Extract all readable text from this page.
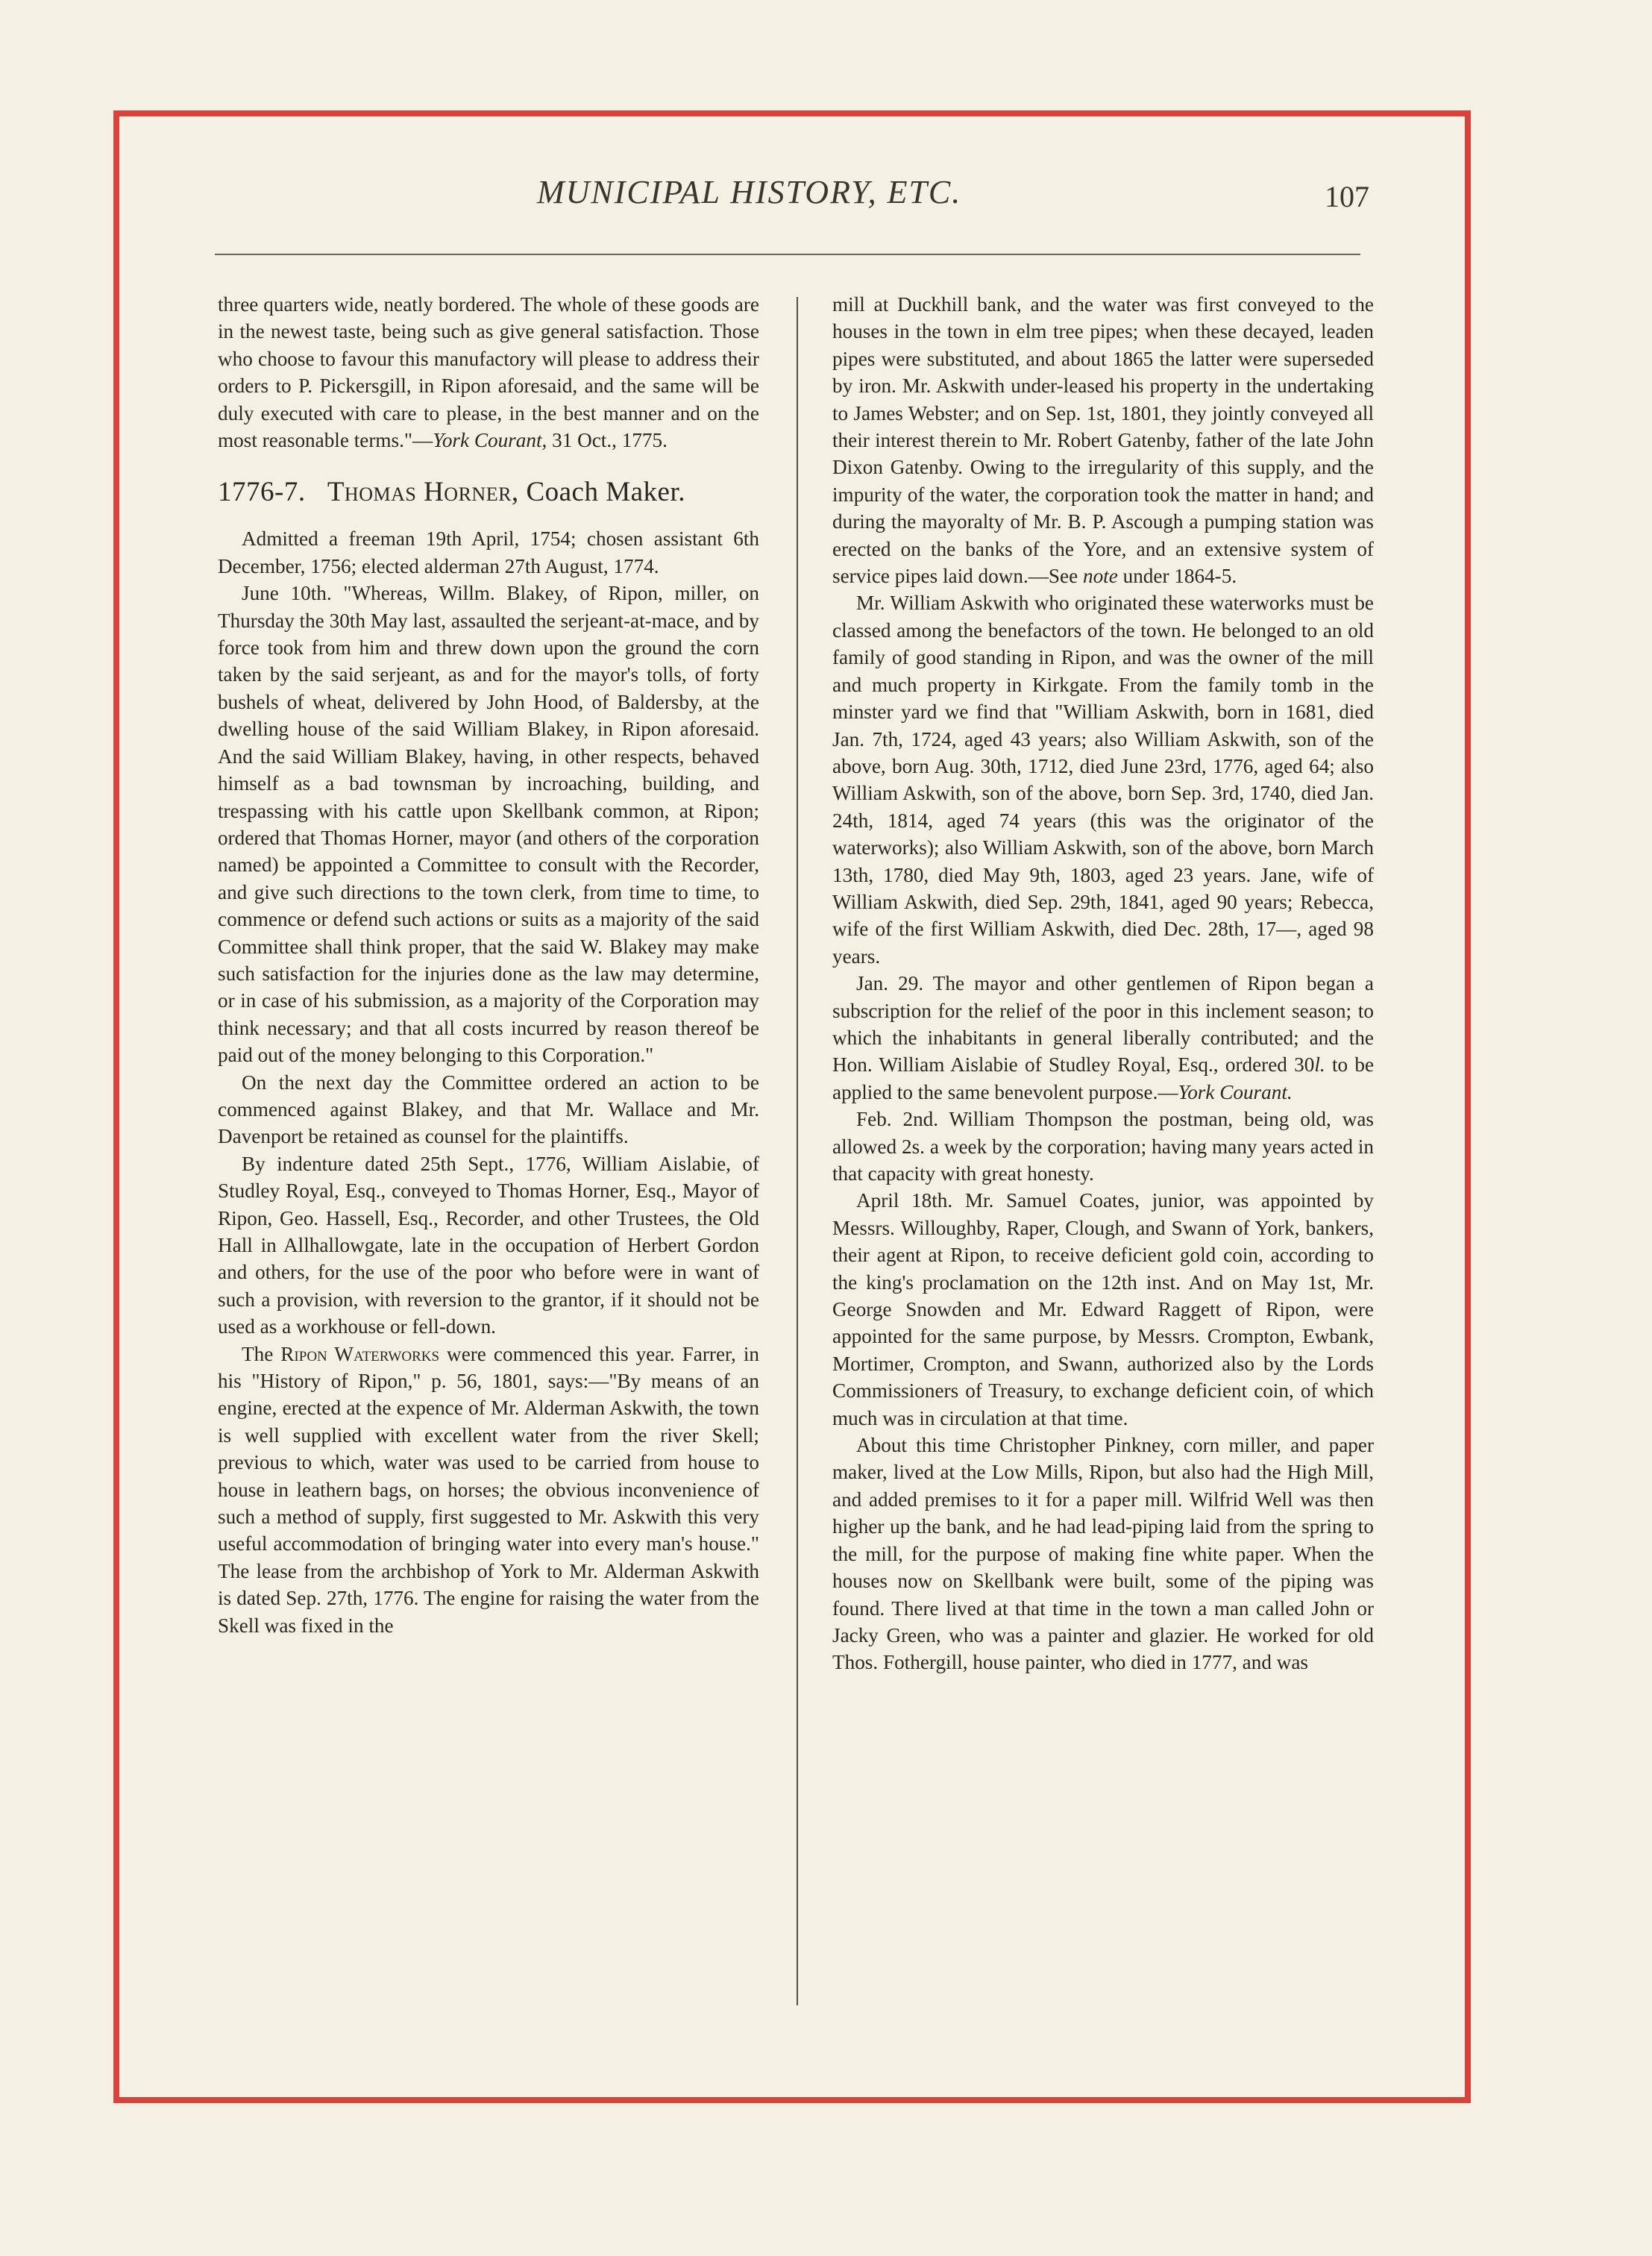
MUNICIPAL HISTORY, ETC.	107

three quarters wide, neatly bordered. The whole of these goods are in the newest taste, being such as give general satisfaction. Those who choose to favour this manufactory will please to address their orders to P. Pickersgill, in Ripon aforesaid, and the same will be duly executed with care to please, in the best manner and on the most reasonable terms."—York Courant, 31 Oct., 1775.

1776-7. Thomas Horner, Coach Maker.

Admitted a freeman 19th April, 1754; chosen assistant 6th December, 1756; elected alderman 27th August, 1774.

June 10th. "Whereas, Willm. Blakey, of Ripon, miller, on Thursday the 30th May last, assaulted the serjeant-at-mace, and by force took from him and threw down upon the ground the corn taken by the said serjeant, as and for the mayor's tolls, of forty bushels of wheat, delivered by John Hood, of Baldersby, at the dwelling house of the said William Blakey, in Ripon aforesaid. And the said William Blakey, having, in other respects, behaved himself as a bad townsman by incroaching, building, and trespassing with his cattle upon Skellbank common, at Ripon; ordered that Thomas Horner, mayor (and others of the corporation named) be appointed a Committee to consult with the Recorder, and give such directions to the town clerk, from time to time, to commence or defend such actions or suits as a majority of the said Committee shall think proper, that the said W. Blakey may make such satisfaction for the injuries done as the law may determine, or in case of his submission, as a majority of the Corporation may think necessary; and that all costs incurred by reason thereof be paid out of the money belonging to this Corporation."

On the next day the Committee ordered an action to be commenced against Blakey, and that Mr. Wallace and Mr. Davenport be retained as counsel for the plaintiffs.

By indenture dated 25th Sept., 1776, William Aislabie, of Studley Royal, Esq., conveyed to Thomas Horner, Esq., Mayor of Ripon, Geo. Hassell, Esq., Recorder, and other Trustees, the Old Hall in Allhallowgate, late in the occupation of Herbert Gordon and others, for the use of the poor who before were in want of such a provision, with reversion to the grantor, if it should not be used as a workhouse or fell-down.

The Ripon Waterworks were commenced this year. Farrer, in his "History of Ripon," p. 56, 1801, says:—"By means of an engine, erected at the expence of Mr. Alderman Askwith, the town is well supplied with excellent water from the river Skell; previous to which, water was used to be carried from house to house in leathern bags, on horses; the obvious inconvenience of such a method of supply, first suggested to Mr. Askwith this very useful accommodation of bringing water into every man's house." The lease from the archbishop of York to Mr. Alderman Askwith is dated Sep. 27th, 1776. The engine for raising the water from the Skell was fixed in the

mill at Duckhill bank, and the water was first conveyed to the houses in the town in elm tree pipes; when these decayed, leaden pipes were substituted, and about 1865 the latter were superseded by iron. Mr. Askwith under-leased his property in the undertaking to James Webster; and on Sep. 1st, 1801, they jointly conveyed all their interest therein to Mr. Robert Gatenby, father of the late John Dixon Gatenby. Owing to the irregularity of this supply, and the impurity of the water, the corporation took the matter in hand; and during the mayoralty of Mr. B. P. Ascough a pumping station was erected on the banks of the Yore, and an extensive system of service pipes laid down.—See note under 1864-5.

Mr. William Askwith who originated these waterworks must be classed among the benefactors of the town. He belonged to an old family of good standing in Ripon, and was the owner of the mill and much property in Kirkgate. From the family tomb in the minster yard we find that "William Askwith, born in 1681, died Jan. 7th, 1724, aged 43 years; also William Askwith, son of the above, born Aug. 30th, 1712, died June 23rd, 1776, aged 64; also William Askwith, son of the above, born Sep. 3rd, 1740, died Jan. 24th, 1814, aged 74 years (this was the originator of the waterworks); also William Askwith, son of the above, born March 13th, 1780, died May 9th, 1803, aged 23 years. Jane, wife of William Askwith, died Sep. 29th, 1841, aged 90 years; Rebecca, wife of the first William Askwith, died Dec. 28th, 17—, aged 98 years.

Jan. 29. The mayor and other gentlemen of Ripon began a subscription for the relief of the poor in this inclement season; to which the inhabitants in general liberally contributed; and the Hon. William Aislabie of Studley Royal, Esq., ordered 30l. to be applied to the same benevolent purpose.—York Courant.

Feb. 2nd. William Thompson the postman, being old, was allowed 2s. a week by the corporation; having many years acted in that capacity with great honesty.

April 18th. Mr. Samuel Coates, junior, was appointed by Messrs. Willoughby, Raper, Clough, and Swann of York, bankers, their agent at Ripon, to receive deficient gold coin, according to the king's proclamation on the 12th inst. And on May 1st, Mr. George Snowden and Mr. Edward Raggett of Ripon, were appointed for the same purpose, by Messrs. Crompton, Ewbank, Mortimer, Crompton, and Swann, authorized also by the Lords Commissioners of Treasury, to exchange deficient coin, of which much was in circulation at that time.

About this time Christopher Pinkney, corn miller, and paper maker, lived at the Low Mills, Ripon, but also had the High Mill, and added premises to it for a paper mill. Wilfrid Well was then higher up the bank, and he had lead-piping laid from the spring to the mill, for the purpose of making fine white paper. When the houses now on Skellbank were built, some of the piping was found. There lived at that time in the town a man called John or Jacky Green, who was a painter and glazier. He worked for old Thos. Fothergill, house painter, who died in 1777, and was
